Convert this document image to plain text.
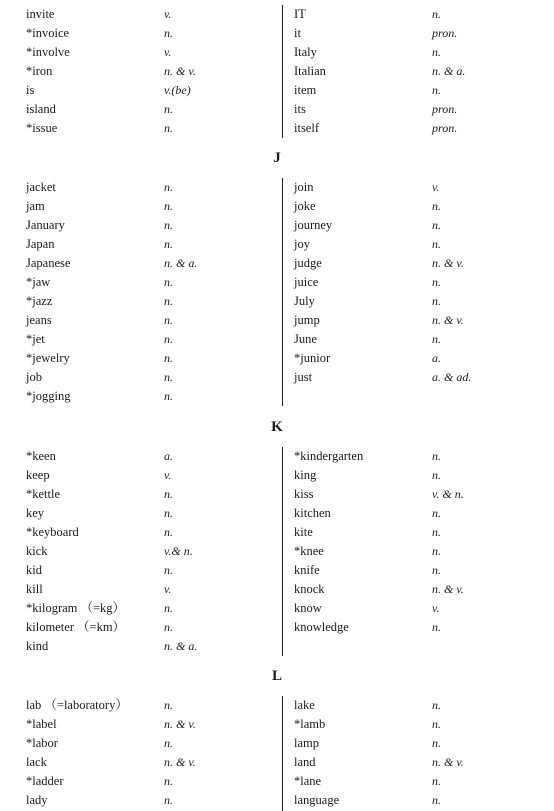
invite	v.
*invoice	n.
*involve	v.
*iron	n. & v.
is	v.(be)
island	n.
*issue	n.
IT	n.
it	pron.
Italy	n.
Italian	n. & a.
item	n.
its	pron.
itself	pron.
J
jacket	n.
jam	n.
January	n.
Japan	n.
Japanese	n. & a.
*jaw	n.
*jazz	n.
jeans	n.
*jet	n.
*jewelry	n.
job	n.
*jogging	n.
join	v.
joke	n.
journey	n.
joy	n.
judge	n. & v.
juice	n.
July	n.
jump	n. & v.
June	n.
*junior	a.
just	a. & ad.
K
*keen	a.
keep	v.
*kettle	n.
key	n.
*keyboard	n.
kick	v.& n.
kid	n.
kill	v.
*kilogram （=kg）	n.
kilometer （=km）	n.
kind	n. & a.
*kindergarten	n.
king	n.
kiss	v. & n.
kitchen	n.
kite	n.
*knee	n.
knife	n.
knock	n. & v.
know	v.
knowledge	n.
L
lab （=laboratory）	n.
*label	n. & v.
*labor	n.
lack	n. & v.
*ladder	n.
lady	n.
lake	n.
*lamb	n.
lamp	n.
land	n. & v.
*lane	n.
language	n.
